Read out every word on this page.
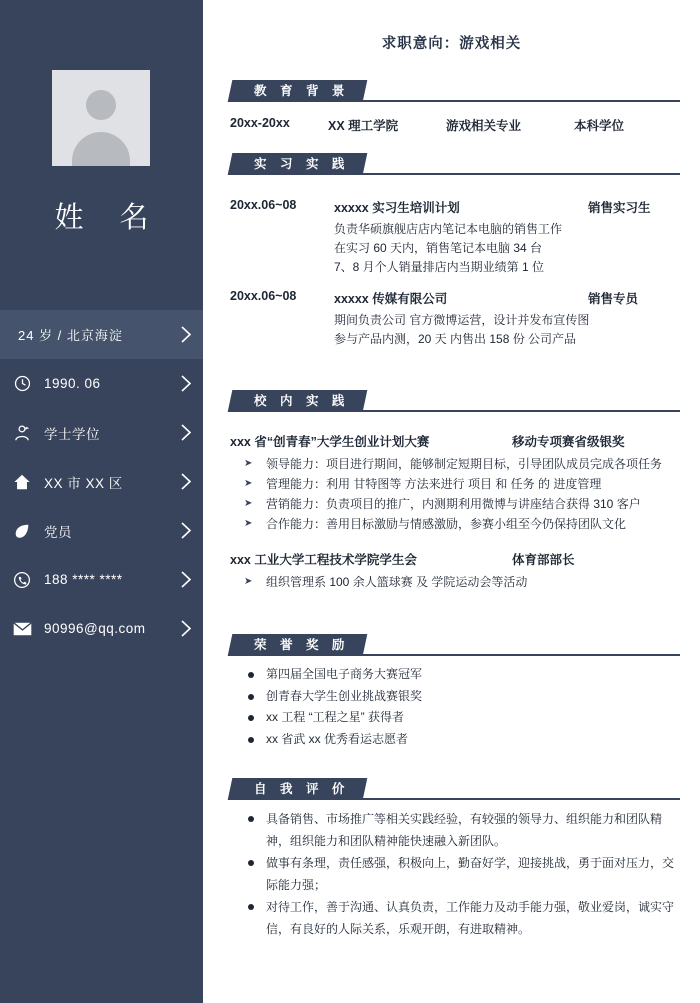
姓 名
24 岁 / 北京海淀
1990. 06
学士学位
XX 市 XX 区
党员
188 **** ****
90996@qq.com
求职意向：游戏相关
教 育 背 景
20xx-20xx	XX 理工学院	游戏相关专业	本科学位
实 习 实 践
20xx.06~08	xxxxx 实习生培训计划	销售实习生
负责华硕旗舰店店内笔记本电脑的销售工作
在实习 60 天内，销售笔记本电脑 34 台
7、8 月个人销量排店内当期业绩第 1 位
20xx.06~08	xxxxx 传媒有限公司	销售专员
期间负责公司 官方微博运营，设计并发布宣传图
参与产品内测，20 天 内售出 158 份 公司产品
校 内 实 践
xxx 省“创青春”大学生创业计划大赛	移动专项赛省级银奖
➤ 领导能力：项目进行期间，能够制定短期目标，引导团队成员完成各项任务
➤ 管理能力：利用 甘特图等 方法来进行 项目 和 任务 的 进度管理
➤ 营销能力：负责项目的推广，内测期利用微博与讲座结合获得 310 客户
➤ 合作能力：善用目标激励与情感激励，参赛小组至今仍保持团队文化
xxx 工业大学工程技术学院学生会	体育部部长
➤ 组织管理系 100 余人篮球赛 及 学院运动会等活动
荣 誉 奖 励
第四届全国电子商务大赛冠军
创青春大学生创业挑战赛银奖
xx 工程 “工程之星” 获得者
xx 省武 xx 优秀看运志愿者
自 我 评 价
具备销售、市场推广等相关实践经验，有较强的领导力、组织能力和团队精神，组织能力和团队精神能快速融入新团队。
做事有条理，责任感强，积极向上，勤奋好学，迎接挑战，勇于面对压力，交际能力强；
对待工作，善于沟通、认真负责，工作能力及动手能力强，敬业爱岗，诚实守信，有良好的人际关系，乐观开朗，有进取精神。
